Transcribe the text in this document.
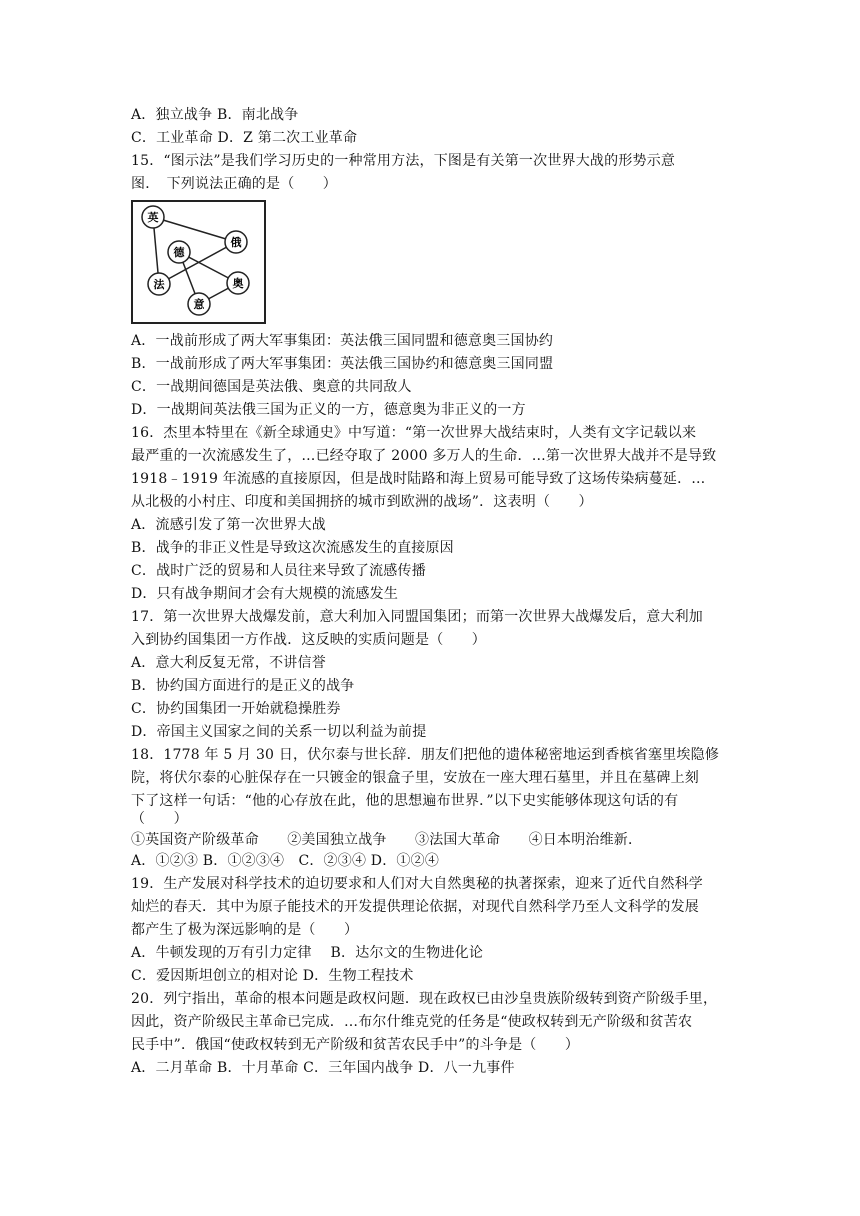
A．独立战争 B．南北战争
C．工业革命 D．Z 第二次工业革命
15．“图示法”是我们学习历史的一种常用方法，下图是有关第一次世界大战的形势示意
图．　下列说法正确的是（　　）
英
俄
德
法	奥
意
A．一战前形成了两大军事集团：英法俄三国同盟和德意奥三国协约
B．一战前形成了两大军事集团：英法俄三国协约和德意奥三国同盟
C．一战期间德国是英法俄、奥意的共同敌人
D．一战期间英法俄三国为正义的一方，德意奥为非正义的一方
16．杰里本特里在《新全球通史》中写道：“第一次世界大战结束时，人类有文字记载以来
最严重的一次流感发生了，…已经夺取了 2000 多万人的生命．…第一次世界大战并不是导致
1918﹣1919 年流感的直接原因，但是战时陆路和海上贸易可能导致了这场传染病蔓延．…
从北极的小村庄、印度和美国拥挤的城市到欧洲的战场”．这表明（　　）
A．流感引发了第一次世界大战
B．战争的非正义性是导致这次流感发生的直接原因
C．战时广泛的贸易和人员往来导致了流感传播
D．只有战争期间才会有大规模的流感发生
17．第一次世界大战爆发前，意大利加入同盟国集团；而第一次世界大战爆发后，意大利加
入到协约国集团一方作战．这反映的实质问题是（　　）
A．意大利反复无常，不讲信誉
B．协约国方面进行的是正义的战争
C．协约国集团一开始就稳操胜券
D．帝国主义国家之间的关系一切以利益为前提
18．1778 年 5 月 30 日，伏尔泰与世长辞．朋友们把他的遗体秘密地运到香槟省塞里埃隐修
院，将伏尔泰的心脏保存在一只镀金的银盒子里，安放在一座大理石墓里，并且在墓碑上刻
下了这样一句话：“他的心存放在此，他的思想遍布世界．”以下史实能够体现这句话的有
（　　）
①英国资产阶级革命　　②美国独立战争　　③法国大革命　　④日本明治维新．
A．①②③ B．①②③④　C．②③④ D．①②④
19．生产发展对科学技术的迫切要求和人们对大自然奥秘的执著探索，迎来了近代自然科学
灿烂的春天．其中为原子能技术的开发提供理论依据，对现代自然科学乃至人文科学的发展
都产生了极为深远影响的是（　　）
A．牛顿发现的万有引力定律　 B．达尔文的生物进化论
C．爱因斯坦创立的相对论 D．生物工程技术
20．列宁指出，革命的根本问题是政权问题．现在政权已由沙皇贵族阶级转到资产阶级手里，
因此，资产阶级民主革命已完成．…布尔什维克党的任务是“使政权转到无产阶级和贫苦农
民手中”．俄国“使政权转到无产阶级和贫苦农民手中”的斗争是（　　）
A．二月革命 B．十月革命 C．三年国内战争 D．八一九事件
